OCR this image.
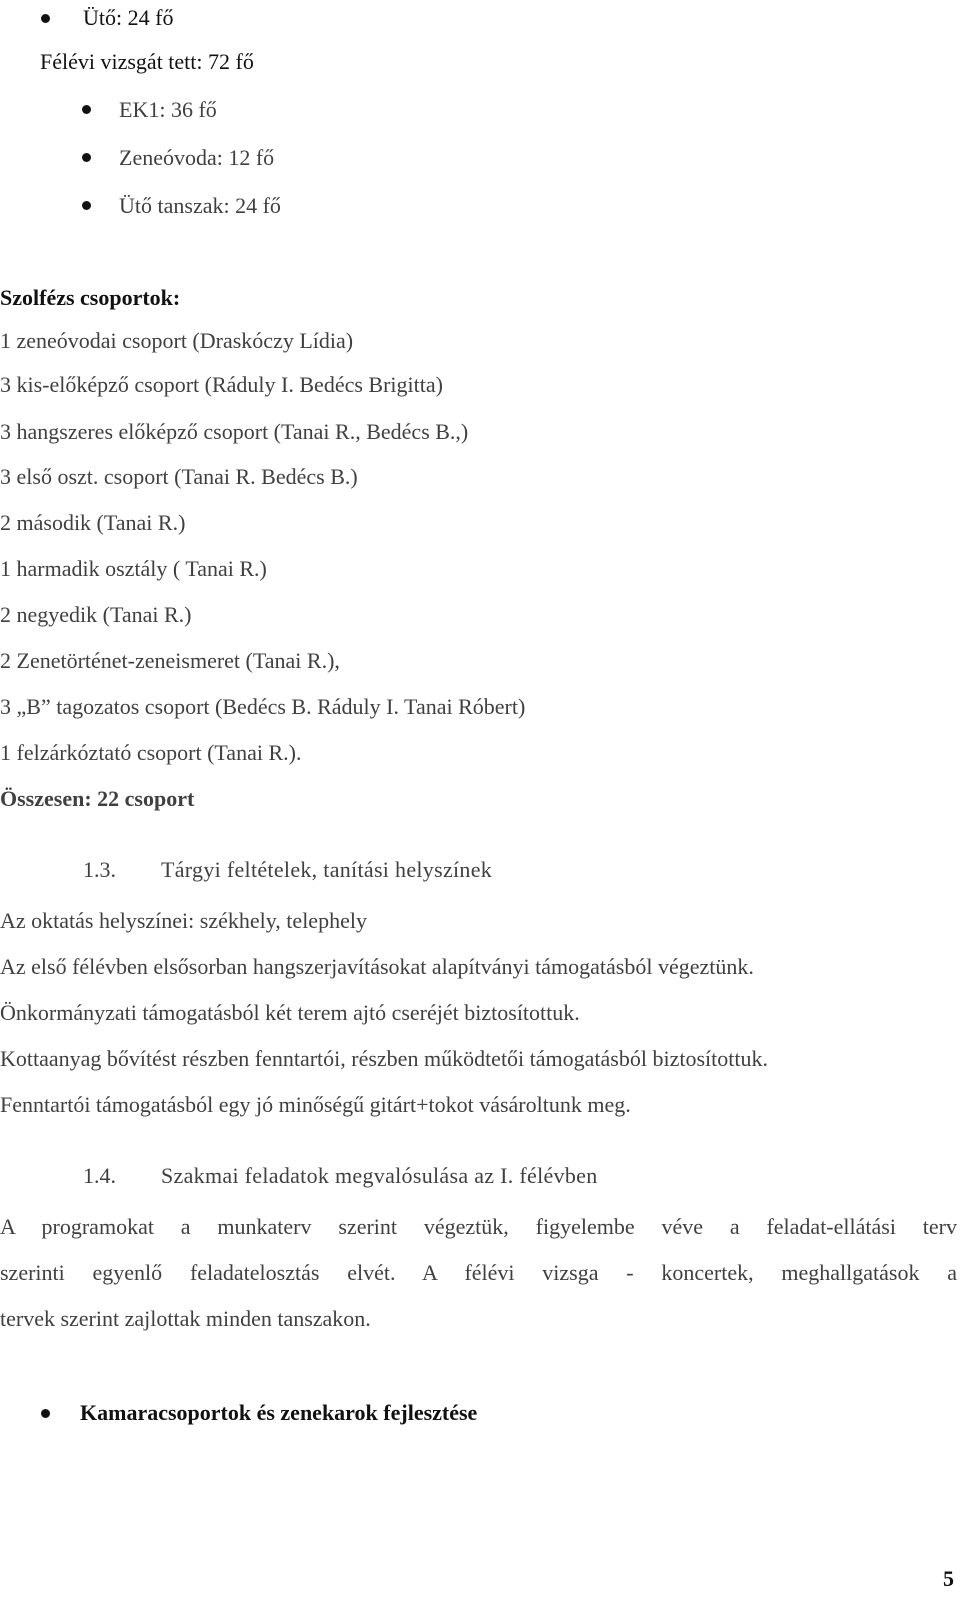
Ütő: 24 fő
Félévi vizsgát tett: 72 fő
EK1: 36 fő
Zeneóvoda: 12 fő
Ütő tanszak: 24 fő
Szolfézs csoportok:
1 zeneóvodai csoport (Draskóczy Lídia)
3 kis-előképző csoport (Ráduly I. Bedécs Brigitta)
3 hangszeres előképző csoport (Tanai R., Bedécs B.,)
3 első oszt. csoport (Tanai R. Bedécs B.)
2 második (Tanai R.)
1 harmadik osztály ( Tanai R.)
2 negyedik (Tanai R.)
2 Zenetörténet-zeneismeret (Tanai R.),
3 „B” tagozatos csoport (Bedécs B. Ráduly I. Tanai Róbert)
1 felzárkóztató csoport (Tanai R.).
Összesen: 22 csoport
1.3. Tárgyi feltételek, tanítási helyszínek
Az oktatás helyszínei: székhely, telephely
Az első félévben elsősorban hangszerjavításokat alapítványi támogatásból végeztünk.
Önkormányzati támogatásból két terem ajtó cseréjét biztosítottuk.
Kottaanyag bővítést részben fenntartói, részben működtetői támogatásból biztosítottuk.
Fenntartói támogatásból egy jó minőségű gitárt+tokot vásároltunk meg.
1.4. Szakmai feladatok megvalósulása az I. félévben
A programokat a munkaterv szerint végeztük, figyelembe véve a feladat-ellátási terv
szerinti egyenlő feladatelosztás elvét. A félévi vizsga - koncertek, meghallgatások a
tervek szerint zajlottak minden tanszakon.
Kamaracsoportok és zenekarok fejlesztése
5
